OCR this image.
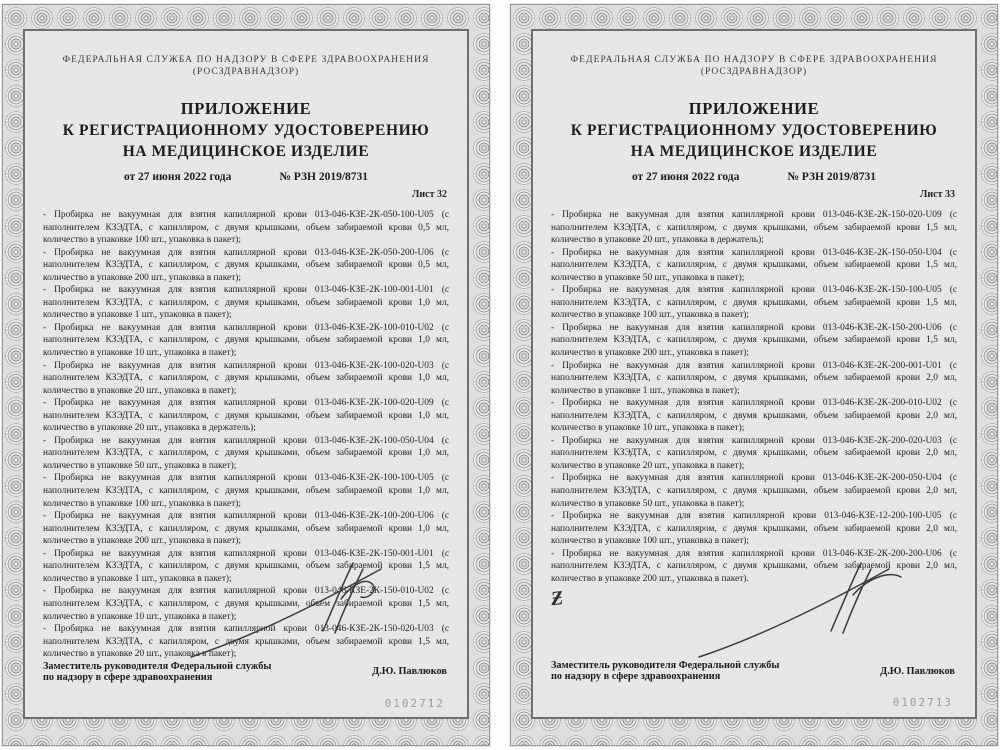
ФЕДЕРАЛЬНАЯ СЛУЖБА ПО НАДЗОРУ В СФЕРЕ ЗДРАВООХРАНЕНИЯ
(РОСЗДРАВНАДЗОР)
ПРИЛОЖЕНИЕ
К РЕГИСТРАЦИОННОМУ УДОСТОВЕРЕНИЮ
НА МЕДИЦИНСКОЕ ИЗДЕЛИЕ
от 27 июня 2022 года	№ РЗН 2019/8731
Лист 32
- Пробирка не вакуумная для взятия капиллярной крови 013-046-КЗЕ-2К-050-100-U05 (с наполнителем КЗЭДТА, с капилляром, с двумя крышками, объем забираемой крови 0,5 мл, количество в упаковке 100 шт., упаковка в пакет);
- Пробирка не вакуумная для взятия капиллярной крови 013-046-КЗЕ-2К-050-200-U06 (с наполнителем КЗЭДТА, с капилляром, с двумя крышками, объем забираемой крови 0,5 мл, количество в упаковке 200 шт., упаковка в пакет);
- Пробирка не вакуумная для взятия капиллярной крови 013-046-КЗЕ-2К-100-001-U01 (с наполнителем КЗЭДТА, с капилляром, с двумя крышками, объем забираемой крови 1,0 мл, количество в упаковке 1 шт., упаковка в пакет);
- Пробирка не вакуумная для взятия капиллярной крови 013-046-КЗЕ-2К-100-010-U02 (с наполнителем КЗЭДТА, с капилляром, с двумя крышками, объем забираемой крови 1,0 мл, количество в упаковке 10 шт., упаковка в пакет);
- Пробирка не вакуумная для взятия капиллярной крови 013-046-КЗЕ-2К-100-020-U03 (с наполнителем КЗЭДТА, с капилляром, с двумя крышками, объем забираемой крови 1,0 мл, количество в упаковке 20 шт., упаковка в пакет);
- Пробирка не вакуумная для взятия капиллярной крови 013-046-КЗЕ-2К-100-020-U09 (с наполнителем КЗЭДТА, с капилляром, с двумя крышками, объем забираемой крови 1,0 мл, количество в упаковке 20 шт., упаковка в держатель);
- Пробирка не вакуумная для взятия капиллярной крови 013-046-КЗЕ-2К-100-050-U04 (с наполнителем КЗЭДТА, с капилляром, с двумя крышками, объем забираемой крови 1,0 мл, количество в упаковке 50 шт., упаковка в пакет);
- Пробирка не вакуумная для взятия капиллярной крови 013-046-КЗЕ-2К-100-100-U05 (с наполнителем КЗЭДТА, с капилляром, с двумя крышками, объем забираемой крови 1,0 мл, количество в упаковке 100 шт., упаковка в пакет);
- Пробирка не вакуумная для взятия капиллярной крови 013-046-КЗЕ-2К-100-200-U06 (с наполнителем КЗЭДТА, с капилляром, с двумя крышками, объем забираемой крови 1,0 мл, количество в упаковке 200 шт., упаковка в пакет);
- Пробирка не вакуумная для взятия капиллярной крови 013-046-КЗЕ-2К-150-001-U01 (с наполнителем КЗЭДТА, с капилляром, с двумя крышками, объем забираемой крови 1,5 мл, количество в упаковке 1 шт., упаковка в пакет);
- Пробирка не вакуумная для взятия капиллярной крови 013-046-КЗЕ-2К-150-010-U02 (с наполнителем КЗЭДТА, с капилляром, с двумя крышками, объем забираемой крови 1,5 мл, количество в упаковке 10 шт., упаковка в пакет);
- Пробирка не вакуумная для взятия капиллярной крови 013-046-КЗЕ-2К-150-020-U03 (с наполнителем КЗЭДТА, с капилляром, с двумя крышками, объем забираемой крови 1,5 мл, количество в упаковке 20 шт., упаковка в пакет);
Заместитель руководителя Федеральной службы
по надзору в сфере здравоохранения	Д.Ю. Павлюков
0102712
ФЕДЕРАЛЬНАЯ СЛУЖБА ПО НАДЗОРУ В СФЕРЕ ЗДРАВООХРАНЕНИЯ
(РОСЗДРАВНАДЗОР)
ПРИЛОЖЕНИЕ
К РЕГИСТРАЦИОННОМУ УДОСТОВЕРЕНИЮ
НА МЕДИЦИНСКОЕ ИЗДЕЛИЕ
от 27 июня 2022 года	№ РЗН 2019/8731
Лист 33
- Пробирка не вакуумная для взятия капиллярной крови 013-046-КЗЕ-2К-150-020-U09 (с наполнителем КЗЭДТА, с капилляром, с двумя крышками, объем забираемой крови 1,5 мл, количество в упаковке 20 шт., упаковка в держатель);
- Пробирка не вакуумная для взятия капиллярной крови 013-046-КЗЕ-2К-150-050-U04 (с наполнителем КЗЭДТА, с капилляром, с двумя крышками, объем забираемой крови 1,5 мл, количество в упаковке 50 шт., упаковка в пакет);
- Пробирка не вакуумная для взятия капиллярной крови 013-046-КЗЕ-2К-150-100-U05 (с наполнителем КЗЭДТА, с капилляром, с двумя крышками, объем забираемой крови 1,5 мл, количество в упаковке 100 шт., упаковка в пакет);
- Пробирка не вакуумная для взятия капиллярной крови 013-046-КЗЕ-2К-150-200-U06 (с наполнителем КЗЭДТА, с капилляром, с двумя крышками, объем забираемой крови 1,5 мл, количество в упаковке 200 шт., упаковка в пакет);
- Пробирка не вакуумная для взятия капиллярной крови 013-046-КЗЕ-2К-200-001-U01 (с наполнителем КЗЭДТА, с капилляром, с двумя крышками, объем забираемой крови 2,0 мл, количество в упаковке 1 шт., упаковка в пакет);
- Пробирка не вакуумная для взятия капиллярной крови 013-046-КЗЕ-2К-200-010-U02 (с наполнителем КЗЭДТА, с капилляром, с двумя крышками, объем забираемой крови 2,0 мл, количество в упаковке 10 шт., упаковка в пакет);
- Пробирка не вакуумная для взятия капиллярной крови 013-046-КЗЕ-2К-200-020-U03 (с наполнителем КЗЭДТА, с капилляром, с двумя крышками, объем забираемой крови 2,0 мл, количество в упаковке 20 шт., упаковка в пакет);
- Пробирка не вакуумная для взятия капиллярной крови 013-046-КЗЕ-2К-200-050-U04 (с наполнителем КЗЭДТА, с капилляром, с двумя крышками, объем забираемой крови 2,0 мл, количество в упаковке 50 шт., упаковка в пакет);
- Пробирка не вакуумная для взятия капиллярной крови 013-046-КЗЕ-12-200-100-U05 (с наполнителем КЗЭДТА, с капилляром, с двумя крышками, объем забираемой крови 2,0 мл, количество в упаковке 100 шт., упаковка в пакет);
- Пробирка не вакуумная для взятия капиллярной крови 013-046-КЗЕ-2К-200-200-U06 (с наполнителем КЗЭДТА, с капилляром, с двумя крышками, объем забираемой крови 2,0 мл, количество в упаковке 200 шт., упаковка в пакет).
Ƶ
Заместитель руководителя Федеральной службы
по надзору в сфере здравоохранения	Д.Ю. Павлюков
0102713
